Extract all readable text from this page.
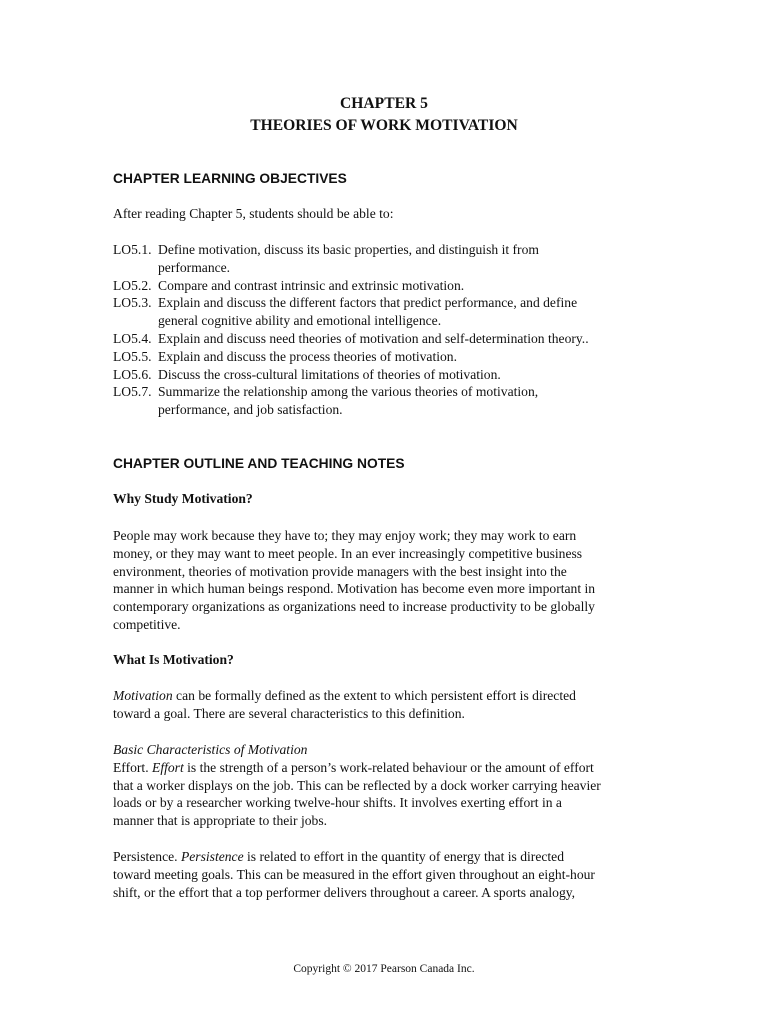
CHAPTER 5
THEORIES OF WORK MOTIVATION
CHAPTER LEARNING OBJECTIVES
After reading Chapter 5, students should be able to:
LO5.1. Define motivation, discuss its basic properties, and distinguish it from
performance.
LO5.2. Compare and contrast intrinsic and extrinsic motivation.
LO5.3. Explain and discuss the different factors that predict performance, and define
general cognitive ability and emotional intelligence.
LO5.4. Explain and discuss need theories of motivation and self-determination theory..
LO5.5. Explain and discuss the process theories of motivation.
LO5.6. Discuss the cross-cultural limitations of theories of motivation.
LO5.7. Summarize the relationship among the various theories of motivation,
performance, and job satisfaction.
CHAPTER OUTLINE AND TEACHING NOTES
Why Study Motivation?
People may work because they have to; they may enjoy work; they may work to earn
money, or they may want to meet people. In an ever increasingly competitive business
environment, theories of motivation provide managers with the best insight into the
manner in which human beings respond. Motivation has become even more important in
contemporary organizations as organizations need to increase productivity to be globally
competitive.
What Is Motivation?
Motivation can be formally defined as the extent to which persistent effort is directed
toward a goal. There are several characteristics to this definition.
Basic Characteristics of Motivation
Effort. Effort is the strength of a person’s work-related behaviour or the amount of effort
that a worker displays on the job. This can be reflected by a dock worker carrying heavier
loads or by a researcher working twelve-hour shifts. It involves exerting effort in a
manner that is appropriate to their jobs.
Persistence. Persistence is related to effort in the quantity of energy that is directed
toward meeting goals. This can be measured in the effort given throughout an eight-hour
shift, or the effort that a top performer delivers throughout a career. A sports analogy,
Copyright © 2017 Pearson Canada Inc.
